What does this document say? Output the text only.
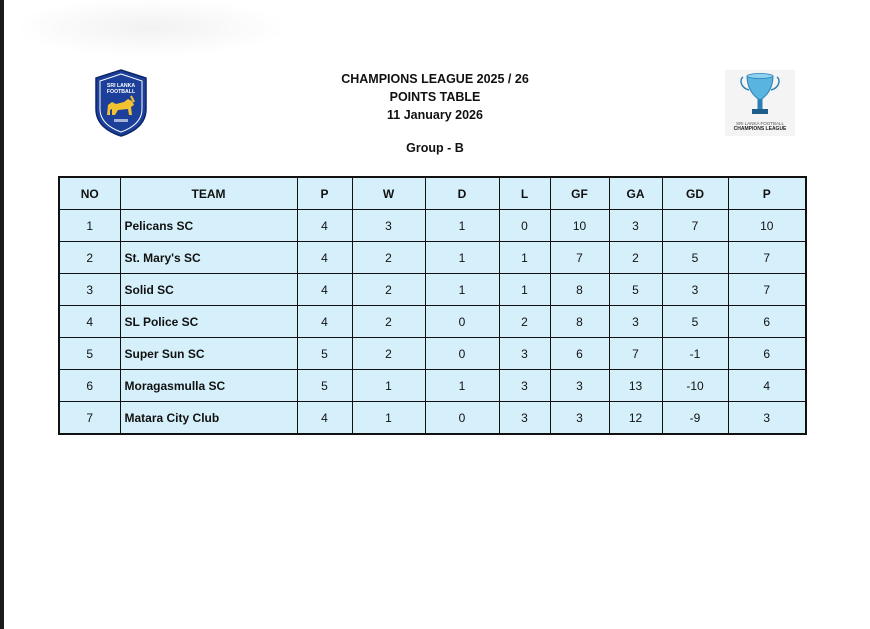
SRI LANKA
FOOTBALL
CHAMPIONS LEAGUE 2025 / 26
POINTS TABLE
11 January 2026
Group - B
SRI LANKA FOOTBALL
CHAMPIONS LEAGUE
NO	TEAM	P	W	D	L	GF	GA	GD	P
1	Pelicans SC	4	3	1	0	10	3	7	10
2	St. Mary's SC	4	2	1	1	7	2	5	7
3	Solid SC	4	2	1	1	8	5	3	7
4	SL Police SC	4	2	0	2	8	3	5	6
5	Super Sun SC	5	2	0	3	6	7	-1	6
6	Moragasmulla SC	5	1	1	3	3	13	-10	4
7	Matara City Club	4	1	0	3	3	12	-9	3
